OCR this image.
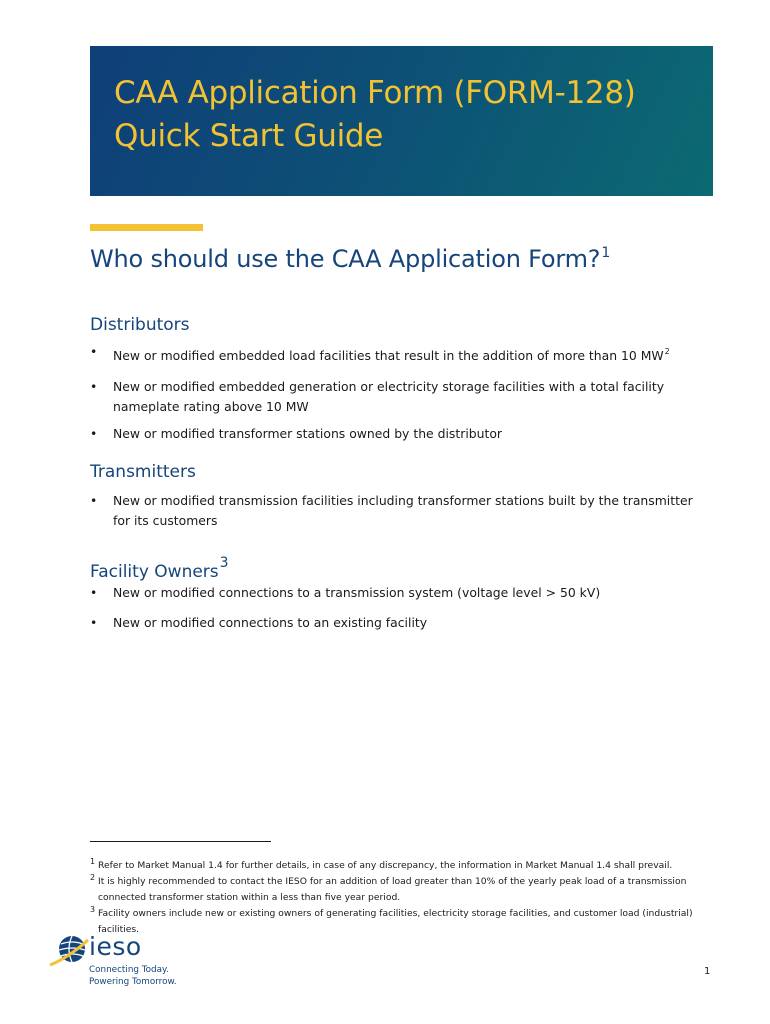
CAA Application Form (FORM-128)
Quick Start Guide
Who should use the CAA Application Form?$^1$
Distributors
• New or modified embedded load facilities that result in the addition of more than 10 $MW^2$
• New or modified embedded generation or electricity storage facilities with a total facility nameplate rating above 10 MW
• New or modified transformer stations owned by the distributor
Transmitters
• New or modified transmission facilities including transformer stations built by the transmitter for its customers
Facility Owners$^3$
• New or modified connections to a transmission system (voltage level > 50 kV)
• New or modified connections to an existing facility
1 Refer to Market Manual 1.4 for further details, in case of any discrepancy, the information in Market Manual 1.4 shall prevail.
2 It is highly recommended to contact the IESO for an addition of load greater than 10% of the yearly peak load of a transmission connected transformer station within a less than five year period.
3 Facility owners include new or existing owners of generating facilities, electricity storage facilities, and customer load (industrial) facilities.
ieso
Connecting Today.
Powering Tomorrow.
1
